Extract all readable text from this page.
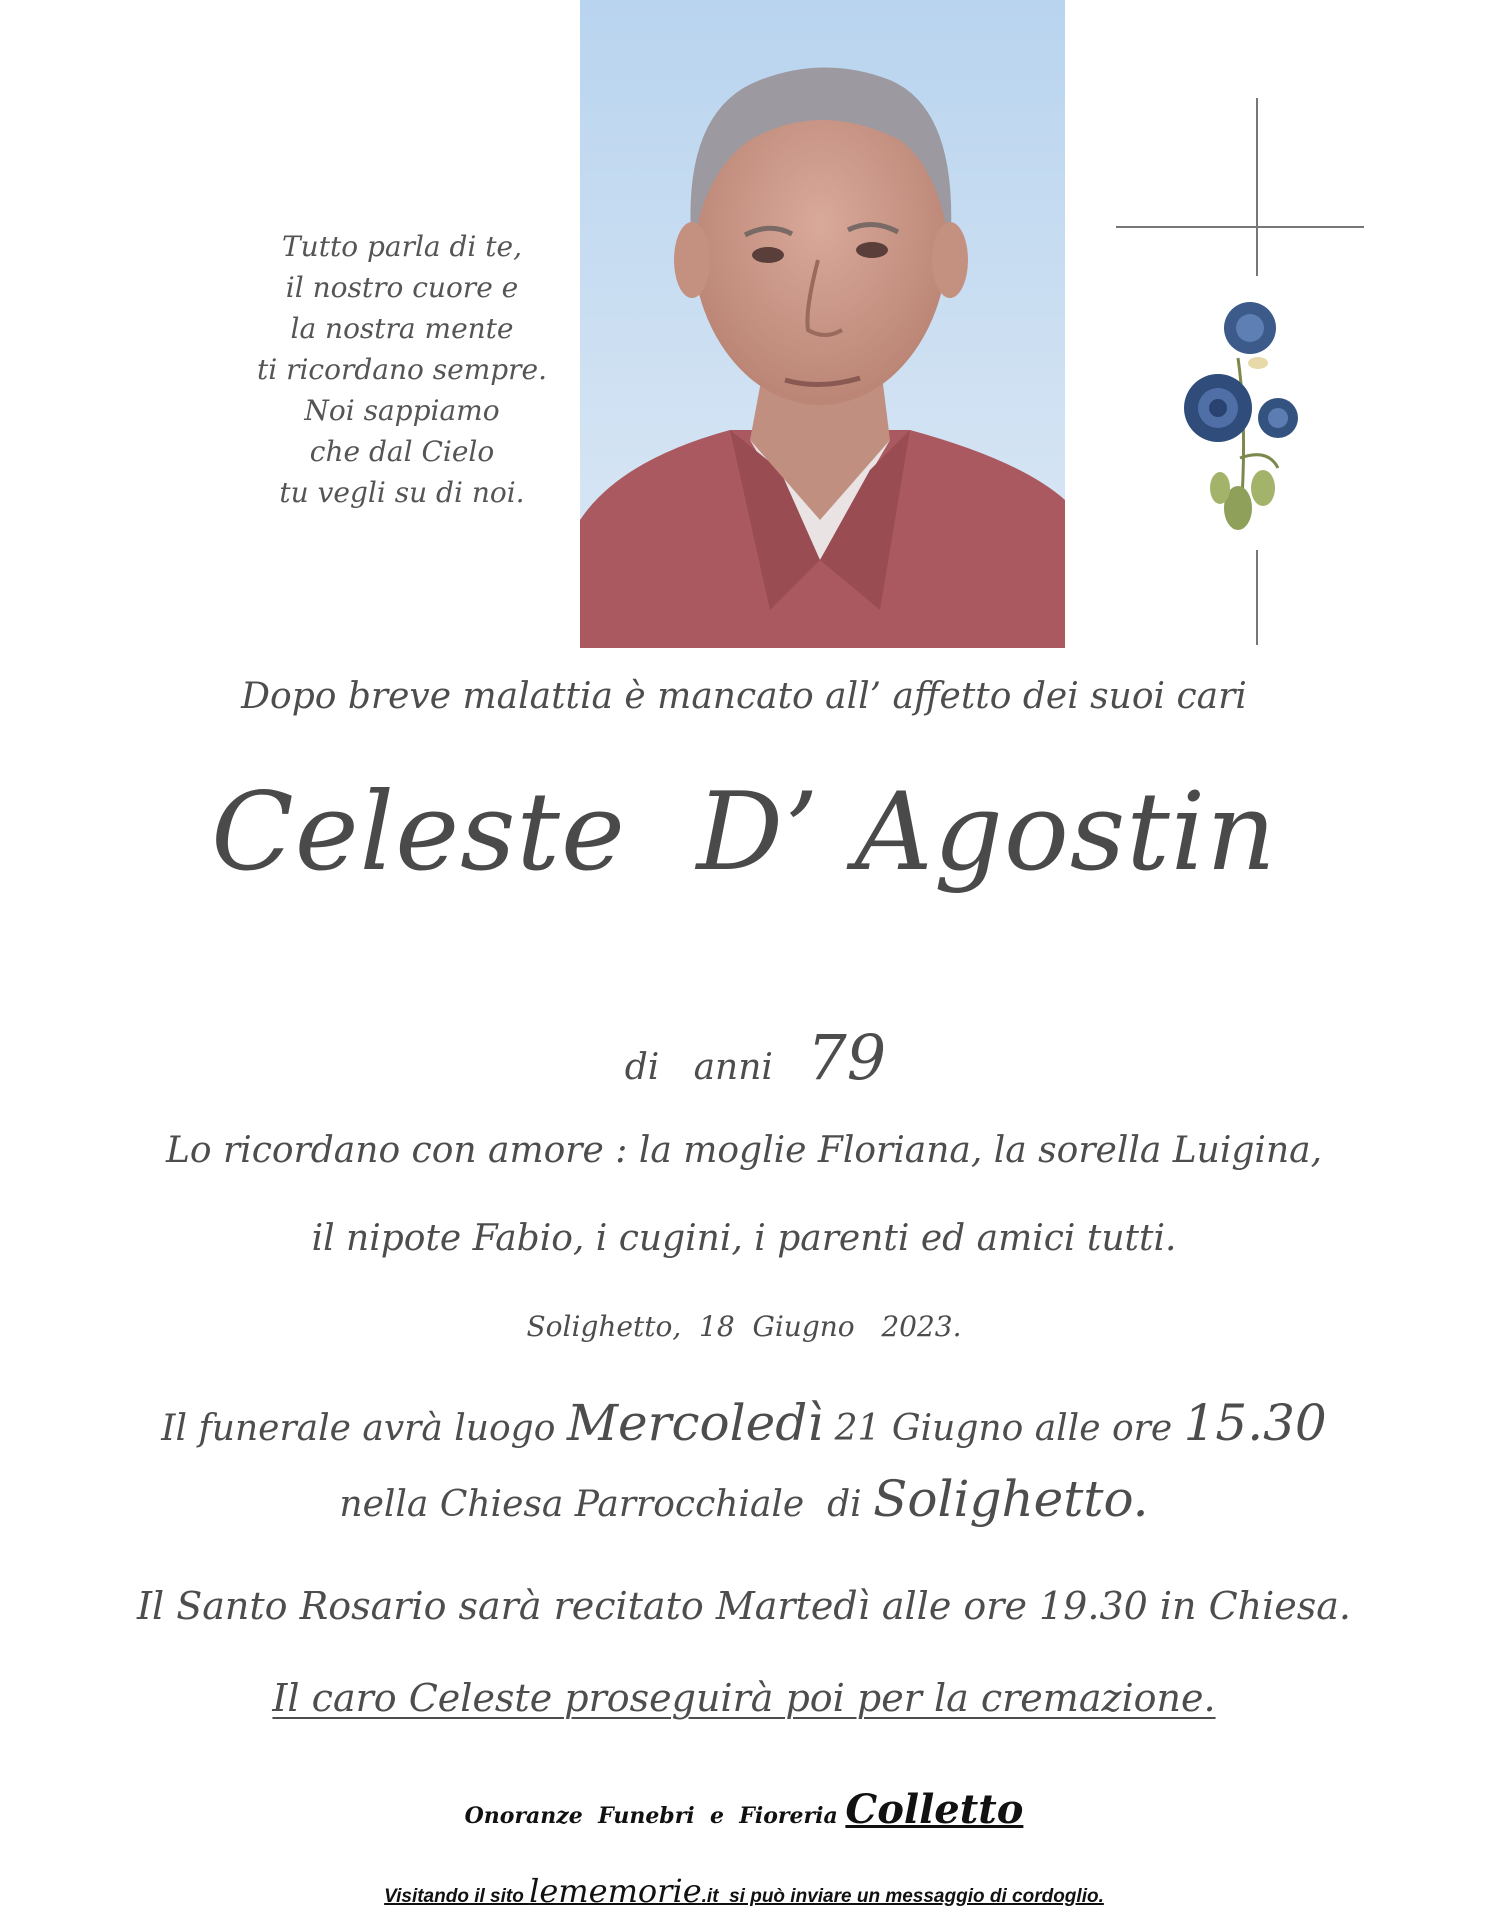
Tutto parla di te,
il nostro cuore e
la nostra mente
ti ricordano sempre.
Noi sappiamo
che dal Cielo
tu vegli su di noi.
Dopo breve malattia è mancato all’ affetto dei suoi cari
Celeste  D’ Agostin

di   anni 79

Lo ricordano con amore : la moglie Floriana, la sorella Luigina,
il nipote Fabio, i cugini, i parenti ed amici tutti.
Solighetto,  18  Giugno   2023.
Il funerale avrà luogo Mercoledì 21 Giugno alle ore 15.30
nella Chiesa Parrocchiale  di Solighetto.
Il Santo Rosario sarà recitato Martedì alle ore 19.30 in Chiesa.
Il caro Celeste proseguirà poi per la cremazione.
Onoranze  Funebri  e  Fioreria Colletto
Visitando il sito lememorie.it  si può inviare un messaggio di cordoglio.
